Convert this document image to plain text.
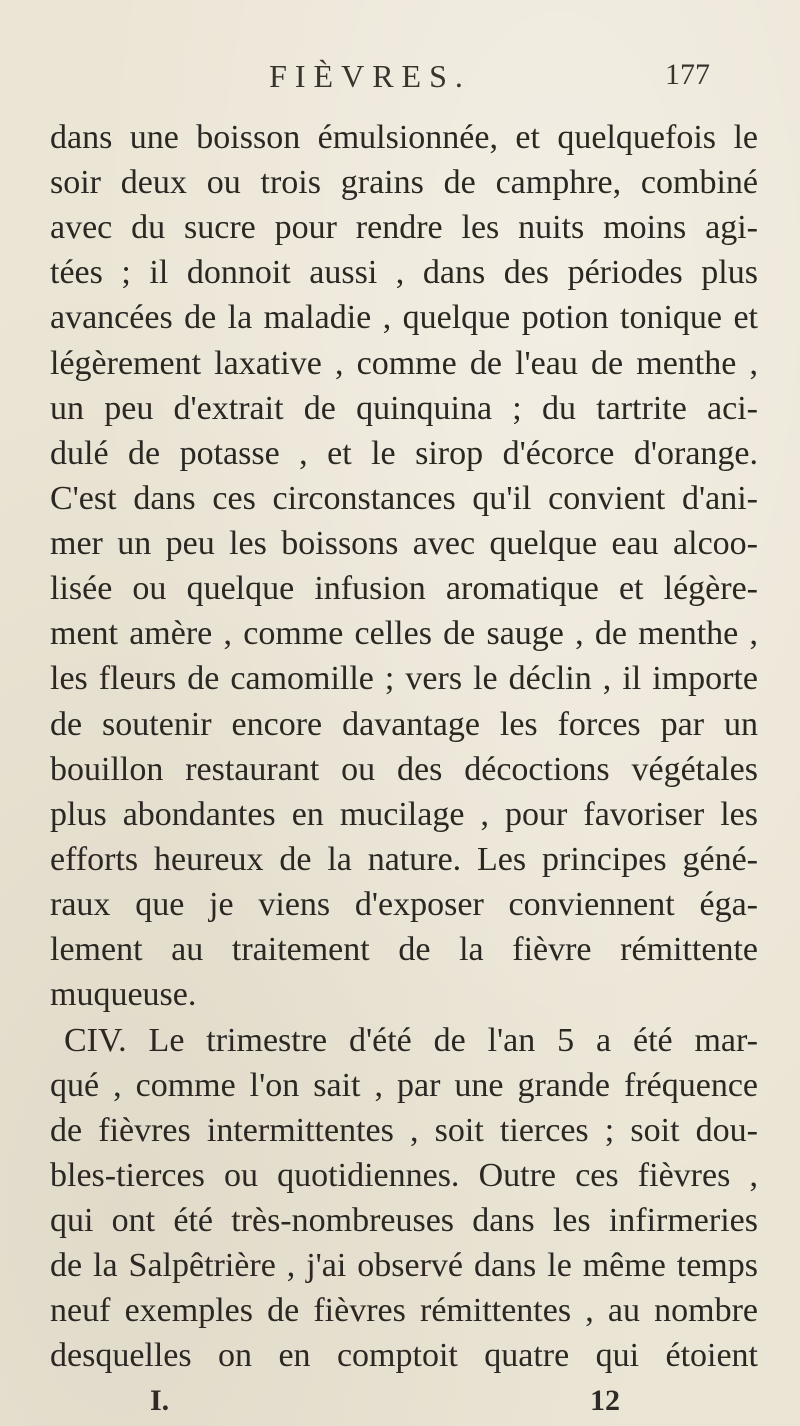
FIÈVRES.	177
dans une boisson émulsionnée, et quelquefois le
soir deux ou trois grains de camphre, combiné
avec du sucre pour rendre les nuits moins agi-
tées ; il donnoit aussi , dans des périodes plus
avancées de la maladie , quelque potion tonique et
légèrement laxative , comme de l'eau de menthe ,
un peu d'extrait de quinquina ; du tartrite aci-
dulé de potasse , et le sirop d'écorce d'orange.
C'est dans ces circonstances qu'il convient d'ani-
mer un peu les boissons avec quelque eau alcoo-
lisée ou quelque infusion aromatique et légère-
ment amère , comme celles de sauge , de menthe ,
les fleurs de camomille ; vers le déclin , il importe
de soutenir encore davantage les forces par un
bouillon restaurant ou des décoctions végétales
plus abondantes en mucilage , pour favoriser les
efforts heureux de la nature. Les principes géné-
raux que je viens d'exposer conviennent éga-
lement au traitement de la fièvre rémittente
muqueuse.
CIV. Le trimestre d'été de l'an 5 a été mar-
qué , comme l'on sait , par une grande fréquence
de fièvres intermittentes , soit tierces ; soit dou-
bles-tierces ou quotidiennes. Outre ces fièvres ,
qui ont été très-nombreuses dans les infirmeries
de la Salpêtrière , j'ai observé dans le même temps
neuf exemples de fièvres rémittentes , au nombre
desquelles on en comptoit quatre qui étoient
I.	12
